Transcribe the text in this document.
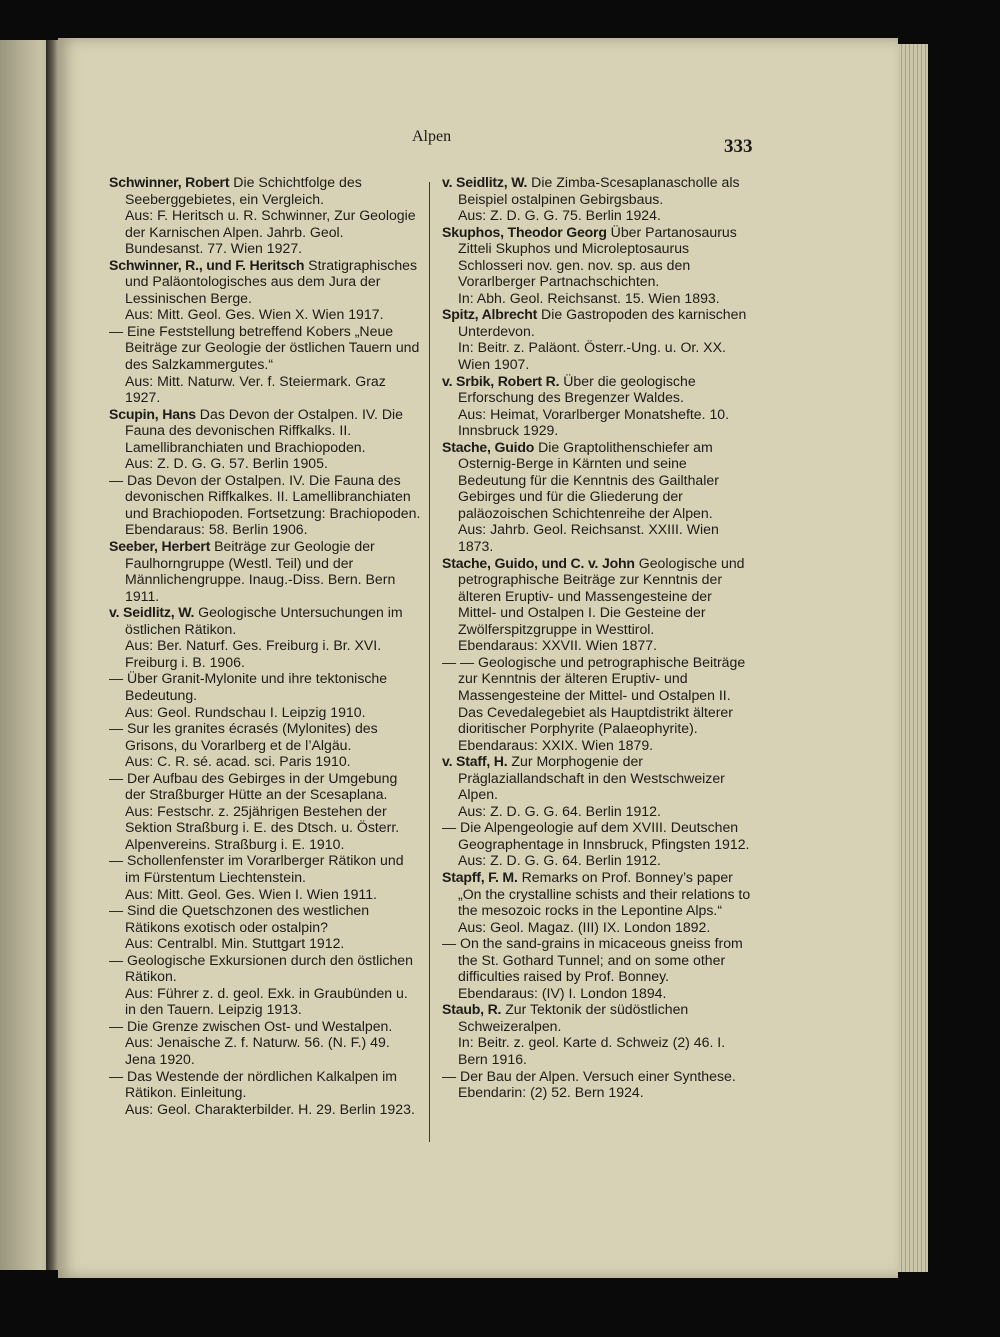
Alpen	333

Schwinner, Robert Die Schichtfolge des Seeberggebietes, ein Vergleich.

Aus: F. Heritsch u. R. Schwinner, Zur Geologie der Karnischen Alpen. Jahrb. Geol. Bundesanst. 77. Wien 1927.

Schwinner, R., und F. Heritsch Stratigraphisches und Paläontologisches aus dem Jura der Lessinischen Berge.

Aus: Mitt. Geol. Ges. Wien X. Wien 1917.

— Eine Feststellung betreffend Kobers „Neue Beiträge zur Geologie der östlichen Tauern und des Salzkammergutes.“

Aus: Mitt. Naturw. Ver. f. Steiermark. Graz 1927.

Scupin, Hans Das Devon der Ostalpen. IV. Die Fauna des devonischen Riffkalks. II. Lamellibranchiaten und Brachiopoden.

Aus: Z. D. G. G. 57. Berlin 1905.

— Das Devon der Ostalpen. IV. Die Fauna des devonischen Riffkalkes. II. Lamellibranchiaten und Brachiopoden. Fortsetzung: Brachiopoden.

Ebendaraus: 58. Berlin 1906.

Seeber, Herbert Beiträge zur Geologie der Faulhorngruppe (Westl. Teil) und der Männlichengruppe. Inaug.-Diss. Bern. Bern 1911.

v. Seidlitz, W. Geologische Untersuchungen im östlichen Rätikon.

Aus: Ber. Naturf. Ges. Freiburg i. Br. XVI. Freiburg i. B. 1906.

— Über Granit-Mylonite und ihre tektonische Bedeutung.

Aus: Geol. Rundschau I. Leipzig 1910.

— Sur les granites écrasés (Mylonites) des Grisons, du Vorarlberg et de l’Algäu.

Aus: C. R. sé. acad. sci. Paris 1910.

— Der Aufbau des Gebirges in der Umgebung der Straßburger Hütte an der Scesaplana.

Aus: Festschr. z. 25jährigen Bestehen der Sektion Straßburg i. E. des Dtsch. u. Österr. Alpenvereins. Straßburg i. E. 1910.

— Schollenfenster im Vorarlberger Rätikon und im Fürstentum Liechtenstein.

Aus: Mitt. Geol. Ges. Wien I. Wien 1911.

— Sind die Quetschzonen des westlichen Rätikons exotisch oder ostalpin?

Aus: Centralbl. Min. Stuttgart 1912.

— Geologische Exkursionen durch den östlichen Rätikon.

Aus: Führer z. d. geol. Exk. in Graubünden u. in den Tauern. Leipzig 1913.

— Die Grenze zwischen Ost- und Westalpen.

Aus: Jenaische Z. f. Naturw. 56. (N. F.) 49. Jena 1920.

— Das Westende der nördlichen Kalkalpen im Rätikon. Einleitung.

Aus: Geol. Charakterbilder. H. 29. Berlin 1923.

v. Seidlitz, W. Die Zimba-Scesaplanascholle als Beispiel ostalpinen Gebirgsbaus.

Aus: Z. D. G. G. 75. Berlin 1924.

Skuphos, Theodor Georg Über Partanosaurus Zitteli Skuphos und Microleptosaurus Schlosseri nov. gen. nov. sp. aus den Vorarlberger Partnachschichten.

In: Abh. Geol. Reichsanst. 15. Wien 1893.

Spitz, Albrecht Die Gastropoden des karnischen Unterdevon.

In: Beitr. z. Paläont. Österr.-Ung. u. Or. XX. Wien 1907.

v. Srbik, Robert R. Über die geologische Erforschung des Bregenzer Waldes.

Aus: Heimat, Vorarlberger Monatshefte. 10. Innsbruck 1929.

Stache, Guido Die Graptolithenschiefer am Osternig-Berge in Kärnten und seine Bedeutung für die Kenntnis des Gailthaler Gebirges und für die Gliederung der paläozoischen Schichtenreihe der Alpen.

Aus: Jahrb. Geol. Reichsanst. XXIII. Wien 1873.

Stache, Guido, und C. v. John Geologische und petrographische Beiträge zur Kenntnis der älteren Eruptiv- und Massengesteine der Mittel- und Ostalpen I. Die Gesteine der Zwölferspitzgruppe in Westtirol.

Ebendaraus: XXVII. Wien 1877.

— — Geologische und petrographische Beiträge zur Kenntnis der älteren Eruptiv- und Massengesteine der Mittel- und Ostalpen II. Das Cevedalegebiet als Hauptdistrikt älterer dioritischer Porphyrite (Palaeophyrite).

Ebendaraus: XXIX. Wien 1879.

v. Staff, H. Zur Morphogenie der Präglaziallandschaft in den Westschweizer Alpen.

Aus: Z. D. G. G. 64. Berlin 1912.

— Die Alpengeologie auf dem XVIII. Deutschen Geographentage in Innsbruck, Pfingsten 1912.

Aus: Z. D. G. G. 64. Berlin 1912.

Stapff, F. M. Remarks on Prof. Bonney’s paper „On the crystalline schists and their relations to the mesozoic rocks in the Lepontine Alps.“

Aus: Geol. Magaz. (III) IX. London 1892.

— On the sand-grains in micaceous gneiss from the St. Gothard Tunnel; and on some other difficulties raised by Prof. Bonney.

Ebendaraus: (IV) I. London 1894.

Staub, R. Zur Tektonik der südöstlichen Schweizeralpen.

In: Beitr. z. geol. Karte d. Schweiz (2) 46. I. Bern 1916.

— Der Bau der Alpen. Versuch einer Synthese.

Ebendarin: (2) 52. Bern 1924.
